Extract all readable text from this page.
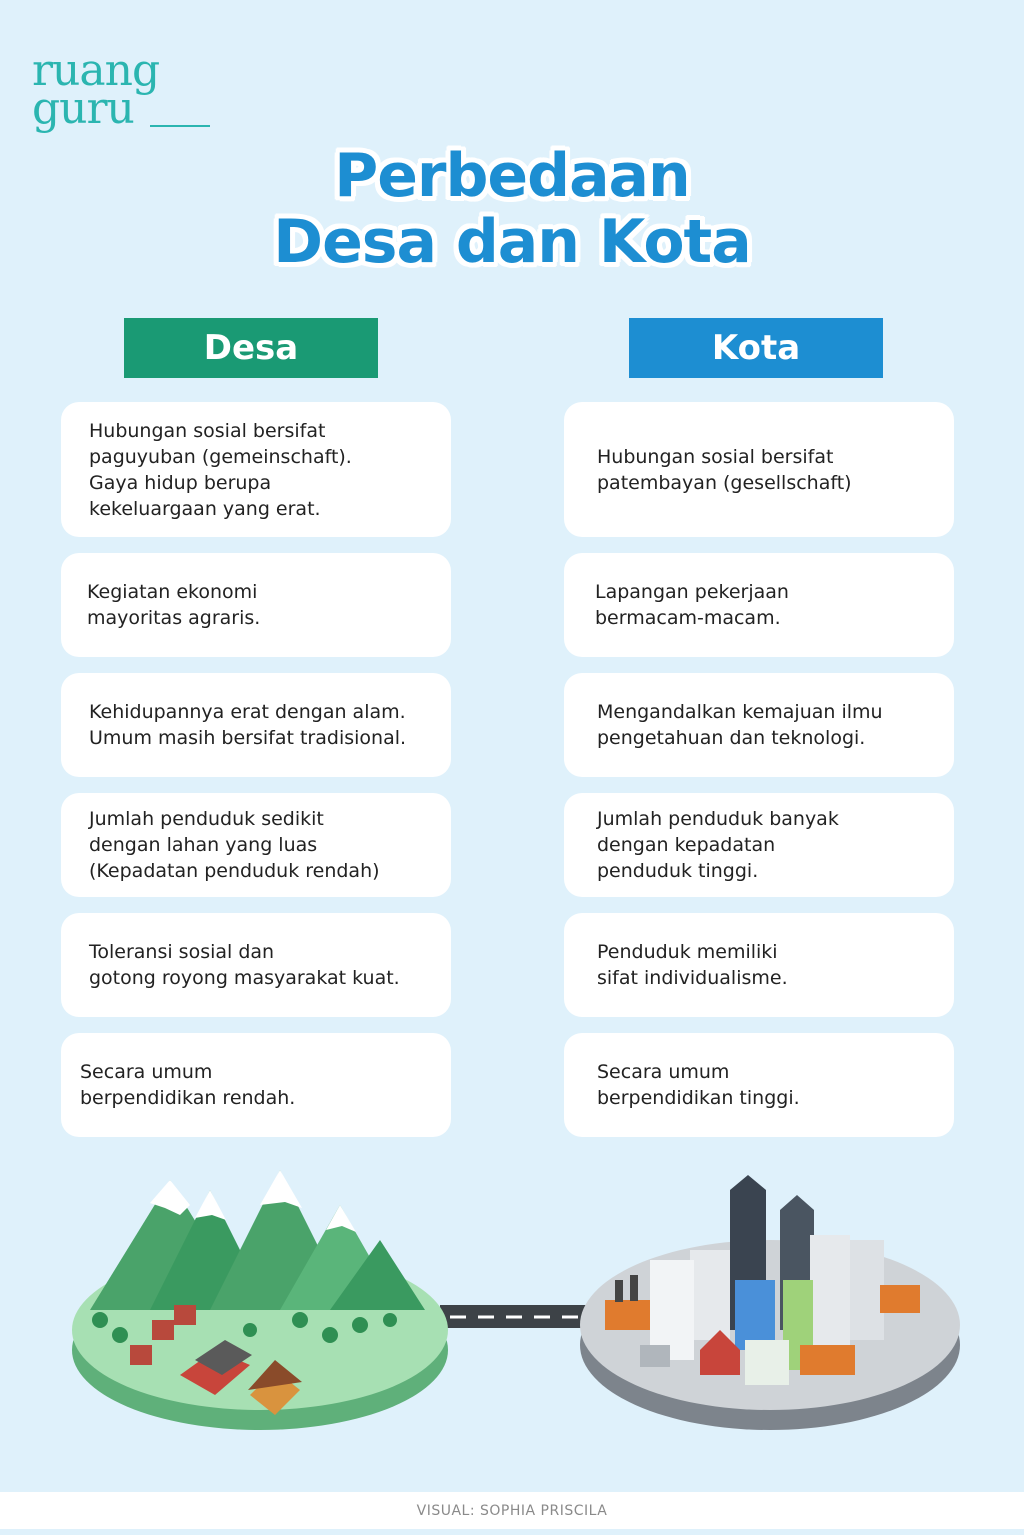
ruang
guru
Perbedaan
Desa dan Kota
Desa	Kota
Hubungan sosial bersifat
paguyuban (gemeinschaft).
Gaya hidup berupa
kekeluargaan yang erat.
Kegiatan ekonomi
mayoritas agraris.
Kehidupannya erat dengan alam.
Umum masih bersifat tradisional.
Jumlah penduduk sedikit
dengan lahan yang luas
(Kepadatan penduduk rendah)
Toleransi sosial dan
gotong royong masyarakat kuat.
Secara umum
berpendidikan rendah.
Hubungan sosial bersifat
patembayan (gesellschaft)
Lapangan pekerjaan
bermacam-macam.
Mengandalkan kemajuan ilmu
pengetahuan dan teknologi.
Jumlah penduduk banyak
dengan kepadatan
penduduk tinggi.
Penduduk memiliki
sifat individualisme.
Secara umum
berpendidikan tinggi.
VISUAL: SOPHIA PRISCILA
